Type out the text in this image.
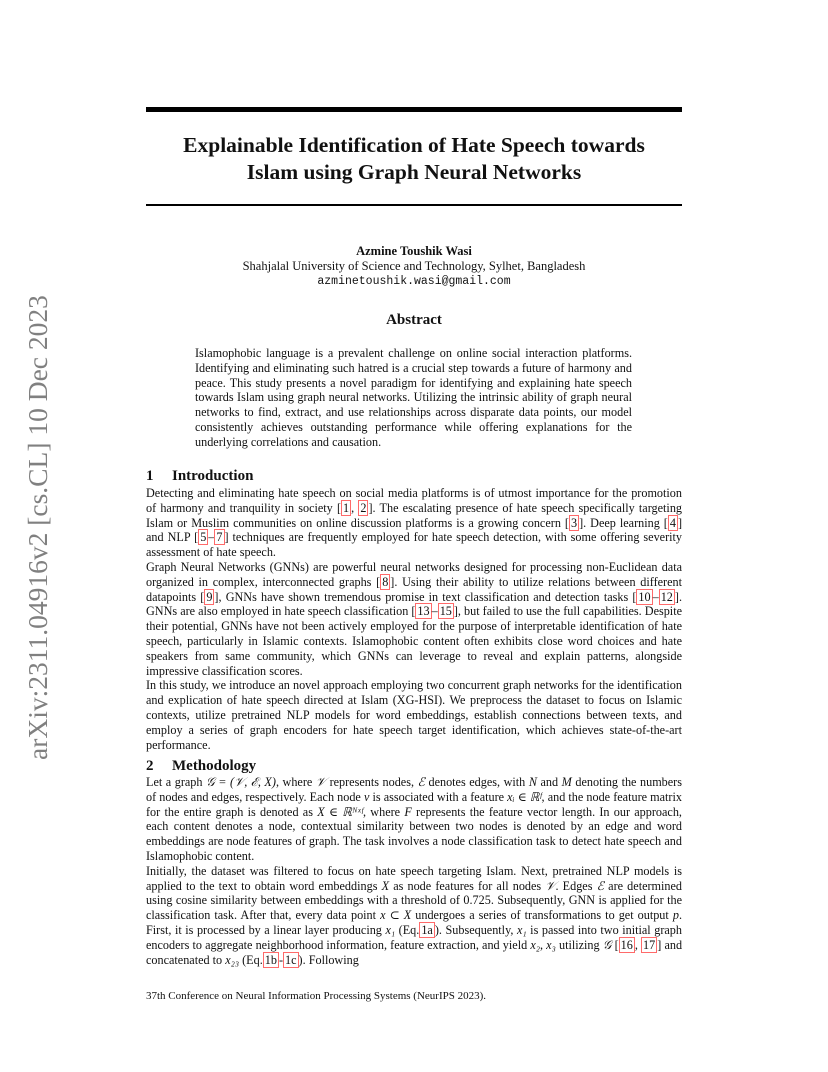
arXiv:2311.04916v2 [cs.CL] 10 Dec 2023
Explainable Identification of Hate Speech towards
Islam using Graph Neural Networks
Azmine Toushik Wasi
Shahjalal University of Science and Technology, Sylhet, Bangladesh
azminetoushik.wasi@gmail.com
Abstract

Islamophobic language is a prevalent challenge on online social interaction platforms. Identifying and eliminating such hatred is a crucial step towards a future of harmony and peace. This study presents a novel paradigm for identifying and explaining hate speech towards Islam using graph neural networks. Utilizing the intrinsic ability of graph neural networks to find, extract, and use relationships across disparate data points, our model consistently achieves outstanding performance while offering explanations for the underlying correlations and causation.

1 Introduction

Detecting and eliminating hate speech on social media platforms is of utmost importance for the promotion of harmony and tranquility in society [ 1 , 2 ]. The escalating presence of hate speech specifically targeting Islam or Muslim communities on online discussion platforms is a growing concern [ 3 ]. Deep learning [ 4 ] and NLP [ 5 – 7 ] techniques are frequently employed for hate speech detection, with some offering severity assessment of hate speech.

Graph Neural Networks (GNNs) are powerful neural networks designed for processing non-Euclidean data organized in complex, interconnected graphs [ 8 ]. Using their ability to utilize relations between different datapoints [ 9 ], GNNs have shown tremendous promise in text classification and detection tasks [ 10 – 12 ]. GNNs are also employed in hate speech classification [ 13 – 15 ], but failed to use the full capabilities. Despite their potential, GNNs have not been actively employed for the purpose of interpretable identification of hate speech, particularly in Islamic contexts. Islamophobic content often exhibits close word choices and hate speakers from same community, which GNNs can leverage to reveal and explain patterns, alongside impressive classification scores.

In this study, we introduce an novel approach employing two concurrent graph networks for the identification and explication of hate speech directed at Islam (XG-HSI). We preprocess the dataset to focus on Islamic contexts, utilize pretrained NLP models for word embeddings, establish connections between texts, and employ a series of graph encoders for hate speech target identification, which achieves state-of-the-art performance.

2 Methodology

Let a graph 𝒢 = (𝒱, ℰ, X), where 𝒱 represents nodes, ℰ denotes edges, with N and M denoting the numbers of nodes and edges, respectively. Each node v is associated with a feature xᵢ ∈ ℝᶠ, and the node feature matrix for the entire graph is denoted as X ∈ ℝᴺˣᶠ, where F represents the feature vector length. In our approach, each content denotes a node, contextual similarity between two nodes is denoted by an edge and word embeddings are node features of graph. The task involves a node classification task to detect hate speech and Islamophobic content.

Initially, the dataset was filtered to focus on hate speech targeting Islam. Next, pretrained NLP models is applied to the text to obtain word embeddings X as node features for all nodes 𝒱. Edges ℰ are determined using cosine similarity between embeddings with a threshold of 0.725. Subsequently, GNN is applied for the classification task. After that, every data point x ⊂ X undergoes a series of transformations to get output p. First, it is processed by a linear layer producing x₁ (Eq. 1a ). Subsequently, x₁ is passed into two initial graph encoders to aggregate neighborhood information, feature extraction, and yield x₂, x₃ utilizing 𝒢 [ 16 , 17 ] and concatenated to x₂₃ (Eq. 1b - 1c ). Following

37th Conference on Neural Information Processing Systems (NeurIPS 2023).
